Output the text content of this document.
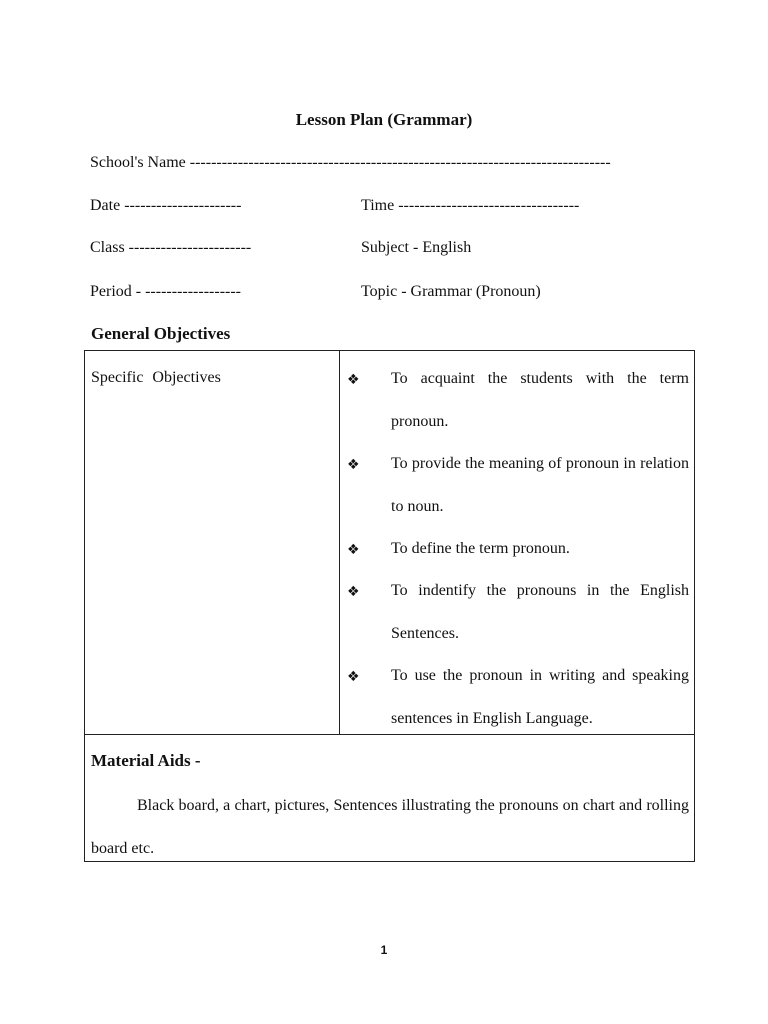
Lesson Plan (Grammar)
School's Name -------------------------------------------------------------------------------
Date ----------------------	Time ----------------------------------
Class -----------------------	Subject - English
Period - ------------------	Topic - Grammar (Pronoun)
General Objectives
Specific Objectives	❖	To acquaint the students with the term pronoun.
❖	To provide the meaning of pronoun in relation to noun.
❖	To define the term pronoun.
❖	To indentify the pronouns in the English Sentences.
❖	To use the pronoun in writing and speaking sentences in English Language.
Material Aids -
Black board, a chart, pictures, Sentences illustrating the pronouns on chart and rolling board etc.
1
